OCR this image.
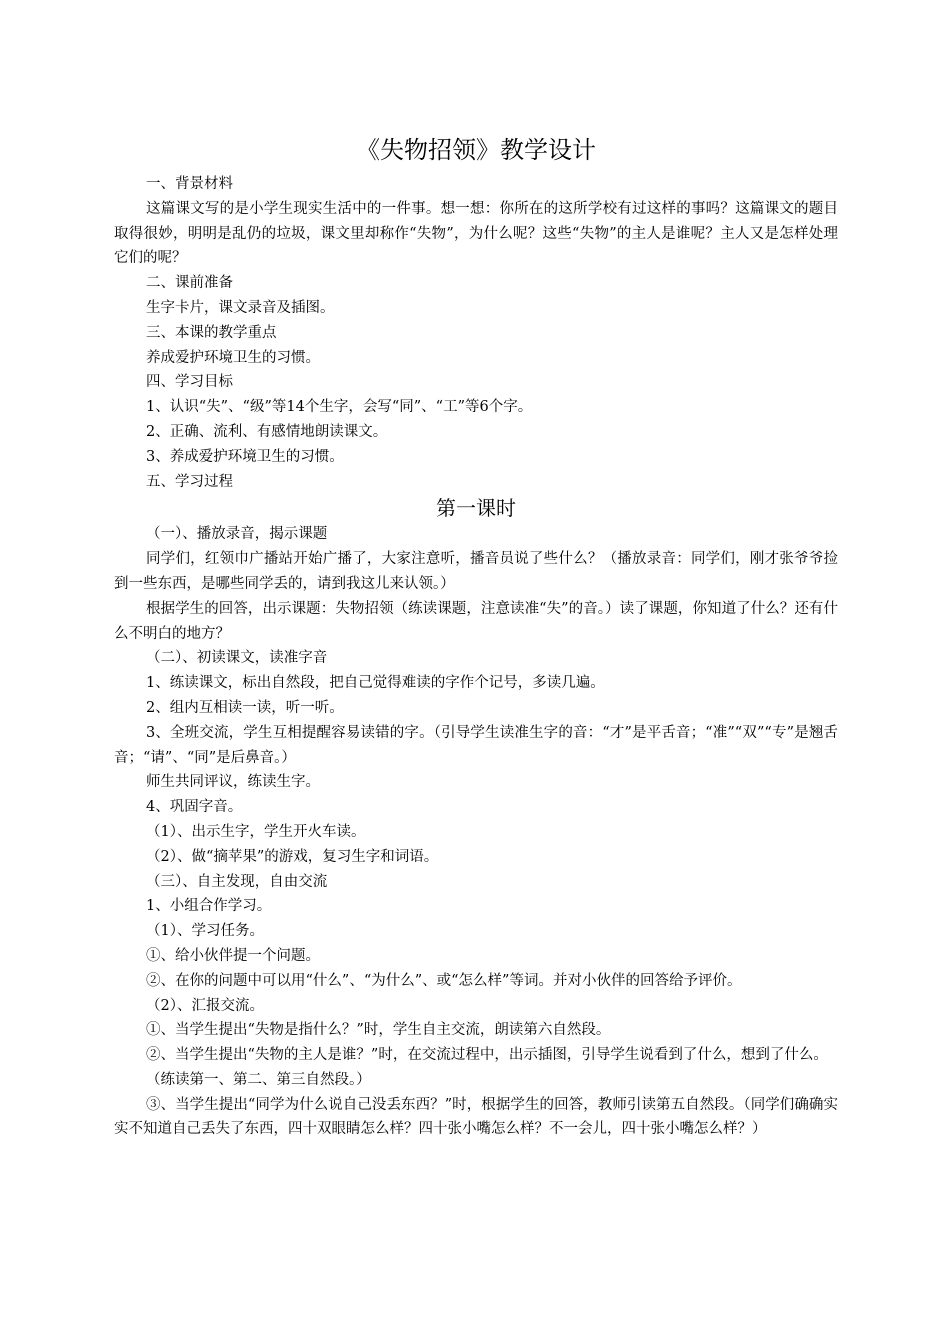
《失物招领》教学设计

一、背景材料

这篇课文写的是小学生现实生活中的一件事。想一想：你所在的这所学校有过这样的事吗？这篇课文的题目取得很妙，明明是乱仍的垃圾，课文里却称作“失物”，为什么呢？这些“失物”的主人是谁呢？主人又是怎样处理它们的呢？

二、课前准备

生字卡片，课文录音及插图。

三、本课的教学重点

养成爱护环境卫生的习惯。

四、学习目标

1、认识“失”、“级”等14个生字，会写“同”、“工”等6个字。

2、正确、流利、有感情地朗读课文。

3、养成爱护环境卫生的习惯。

五、学习过程

第一课时

（一）、播放录音，揭示课题

同学们，红领巾广播站开始广播了，大家注意听，播音员说了些什么？（播放录音：同学们，刚才张爷爷捡到一些东西，是哪些同学丢的，请到我这儿来认领。）

根据学生的回答，出示课题：失物招领（练读课题，注意读准“失”的音。）读了课题，你知道了什么？还有什么不明白的地方？

（二）、初读课文，读准字音

1、练读课文，标出自然段，把自己觉得难读的字作个记号，多读几遍。

2、组内互相读一读，听一听。

3、全班交流，学生互相提醒容易读错的字。（引导学生读准生字的音：“才”是平舌音；“准”“双”“专”是翘舌音；“请”、“同”是后鼻音。）

师生共同评议，练读生字。

4、巩固字音。

（1）、出示生字，学生开火车读。

（2）、做“摘苹果”的游戏，复习生字和词语。

（三）、自主发现，自由交流

1、小组合作学习。

（1）、学习任务。

①、给小伙伴提一个问题。

②、在你的问题中可以用“什么”、“为什么”、或“怎么样”等词。并对小伙伴的回答给予评价。

（2）、汇报交流。

①、当学生提出“失物是指什么？”时，学生自主交流，朗读第六自然段。

②、当学生提出“失物的主人是谁？”时，在交流过程中，出示插图，引导学生说看到了什么，想到了什么。

（练读第一、第二、第三自然段。）

③、当学生提出“同学为什么说自己没丢东西？”时，根据学生的回答，教师引读第五自然段。（同学们确确实实不知道自己丢失了东西，四十双眼睛怎么样？四十张小嘴怎么样？不一会儿，四十张小嘴怎么样？）
